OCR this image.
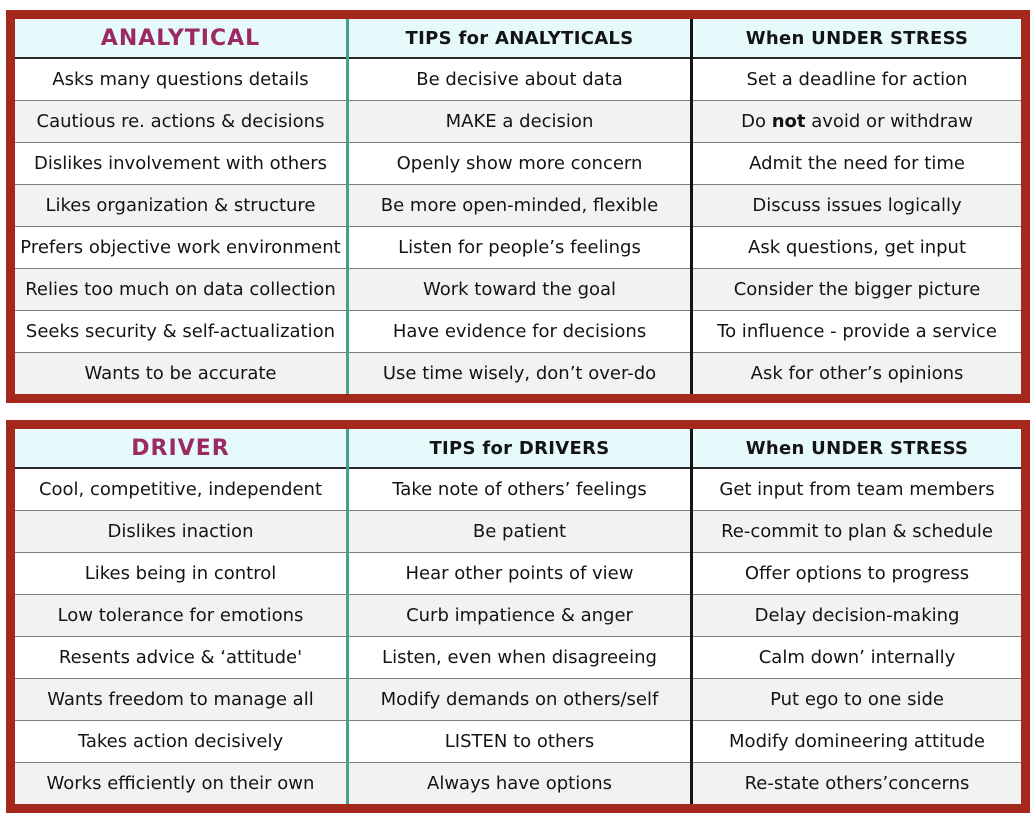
ANALYTICAL	TIPS for ANALYTICALS	When UNDER STRESS
Asks many questions details	Be decisive about data	Set a deadline for action
Cautious re. actions & decisions	MAKE a decision	Do not avoid or withdraw
Dislikes involvement with others	Openly show more concern	Admit the need for time
Likes organization & structure	Be more open-minded, flexible	Discuss issues logically
Prefers objective work environment	Listen for people’s feelings	Ask questions, get input
Relies too much on data collection	Work toward the goal	Consider the bigger picture
Seeks security & self-actualization	Have evidence for decisions	To influence - provide a service
Wants to be accurate	Use time wisely, don’t over-do	Ask for other’s opinions
DRIVER	TIPS for DRIVERS	When UNDER STRESS
Cool, competitive, independent	Take note of others’ feelings	Get input from team members
Dislikes inaction	Be patient	Re-commit to plan & schedule
Likes being in control	Hear other points of view	Offer options to progress
Low tolerance for emotions	Curb impatience & anger	Delay decision-making
Resents advice & ‘attitude'	Listen, even when disagreeing	Calm down’ internally
Wants freedom to manage all	Modify demands on others/self	Put ego to one side
Takes action decisively	LISTEN to others	Modify domineering attitude
Works efficiently on their own	Always have options	Re-state others’concerns
